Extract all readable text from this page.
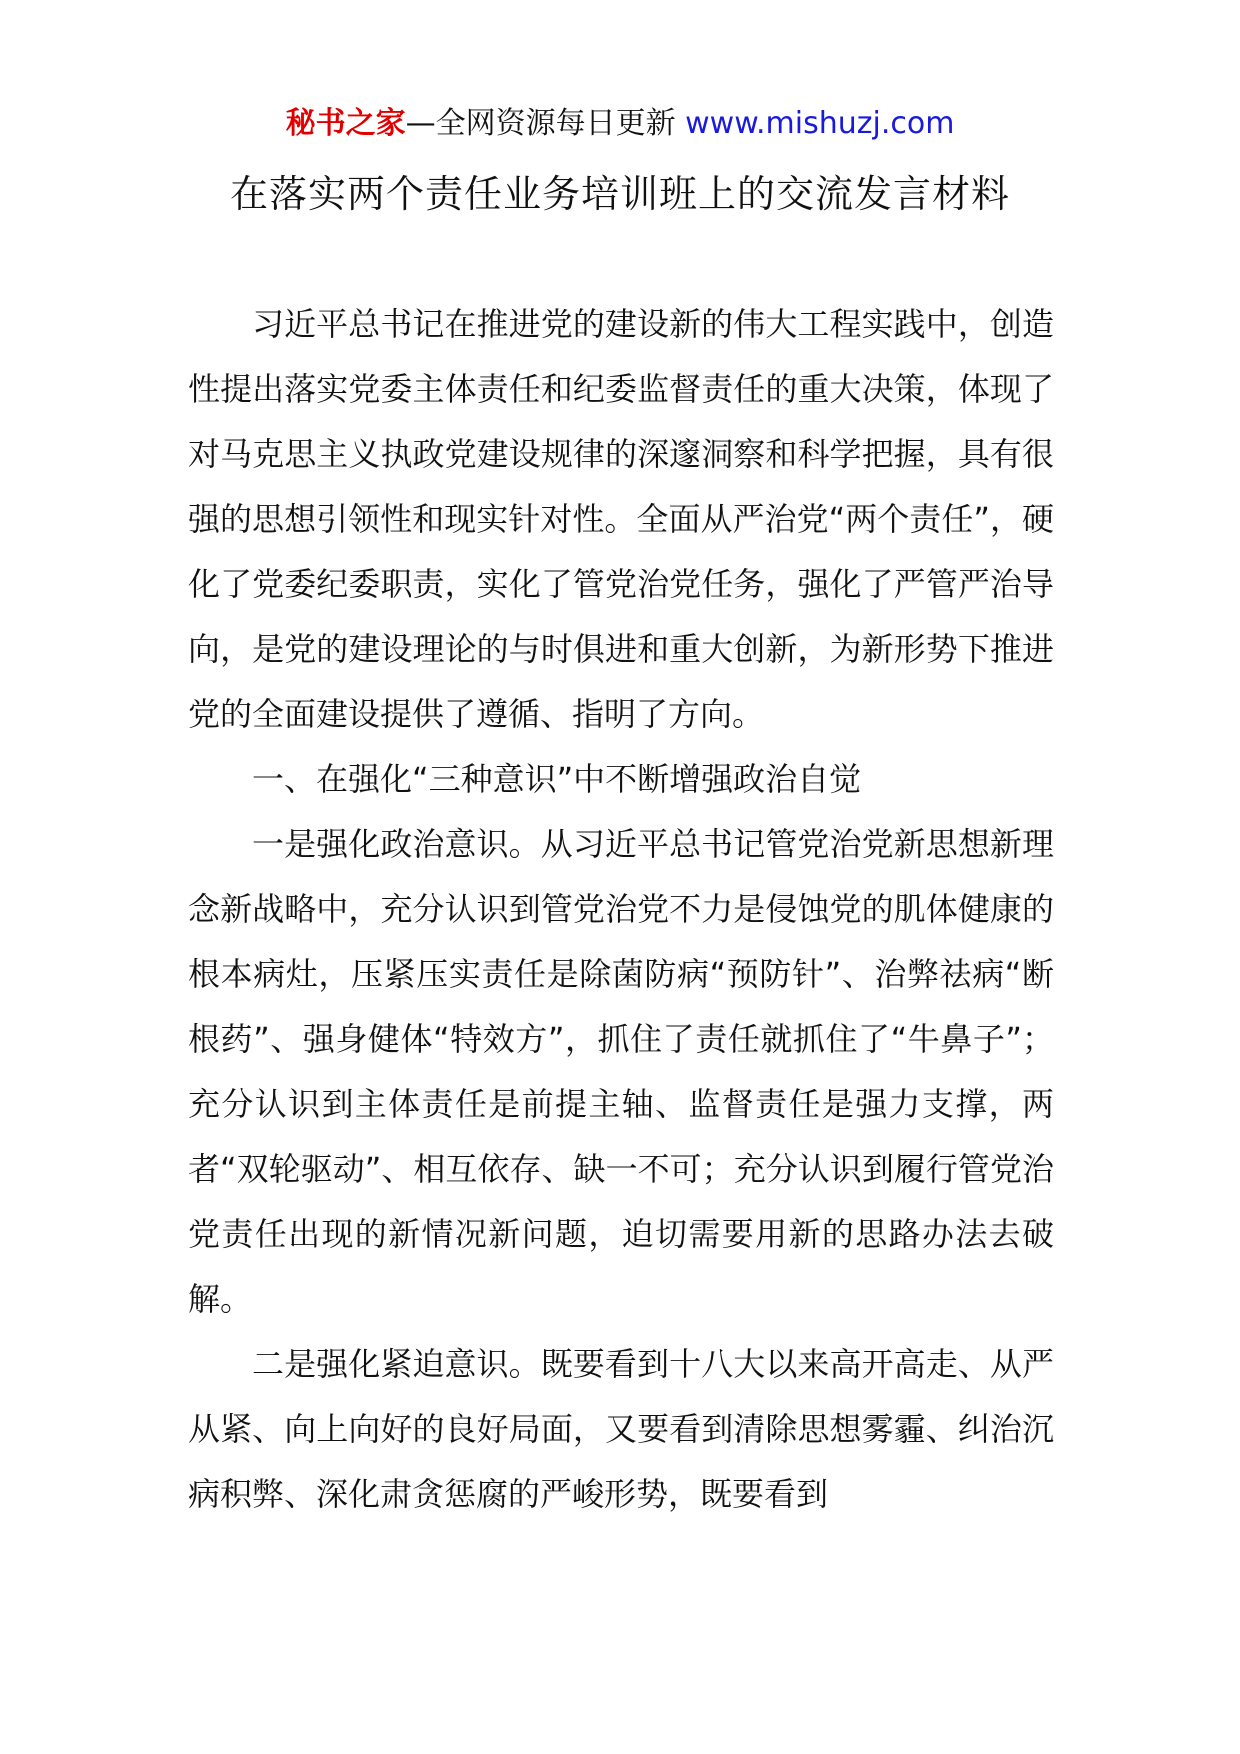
秘书之家—全网资源每日更新 www.mishuzj.com
在落实两个责任业务培训班上的交流发言材料

习近平总书记在推进党的建设新的伟大工程实践中，创造性提出落实党委主体责任和纪委监督责任的重大决策，体现了对马克思主义执政党建设规律的深邃洞察和科学把握，具有很强的思想引领性和现实针对性。全面从严治党“两个责任”，硬化了党委纪委职责，实化了管党治党任务，强化了严管严治导向，是党的建设理论的与时俱进和重大创新，为新形势下推进党的全面建设提供了遵循、指明了方向。

一、在强化“三种意识”中不断增强政治自觉

一是强化政治意识。从习近平总书记管党治党新思想新理念新战略中，充分认识到管党治党不力是侵蚀党的肌体健康的根本病灶，压紧压实责任是除菌防病“预防针”、治弊祛病“断根药”、强身健体“特效方”，抓住了责任就抓住了“牛鼻子”；充分认识到主体责任是前提主轴、监督责任是强力支撑，两者“双轮驱动”、相互依存、缺一不可；充分认识到履行管党治党责任出现的新情况新问题，迫切需要用新的思路办法去破解。

二是强化紧迫意识。既要看到十八大以来高开高走、从严从紧、向上向好的良好局面，又要看到清除思想雾霾、纠治沉病积弊、深化肃贪惩腐的严峻形势，既要看到
